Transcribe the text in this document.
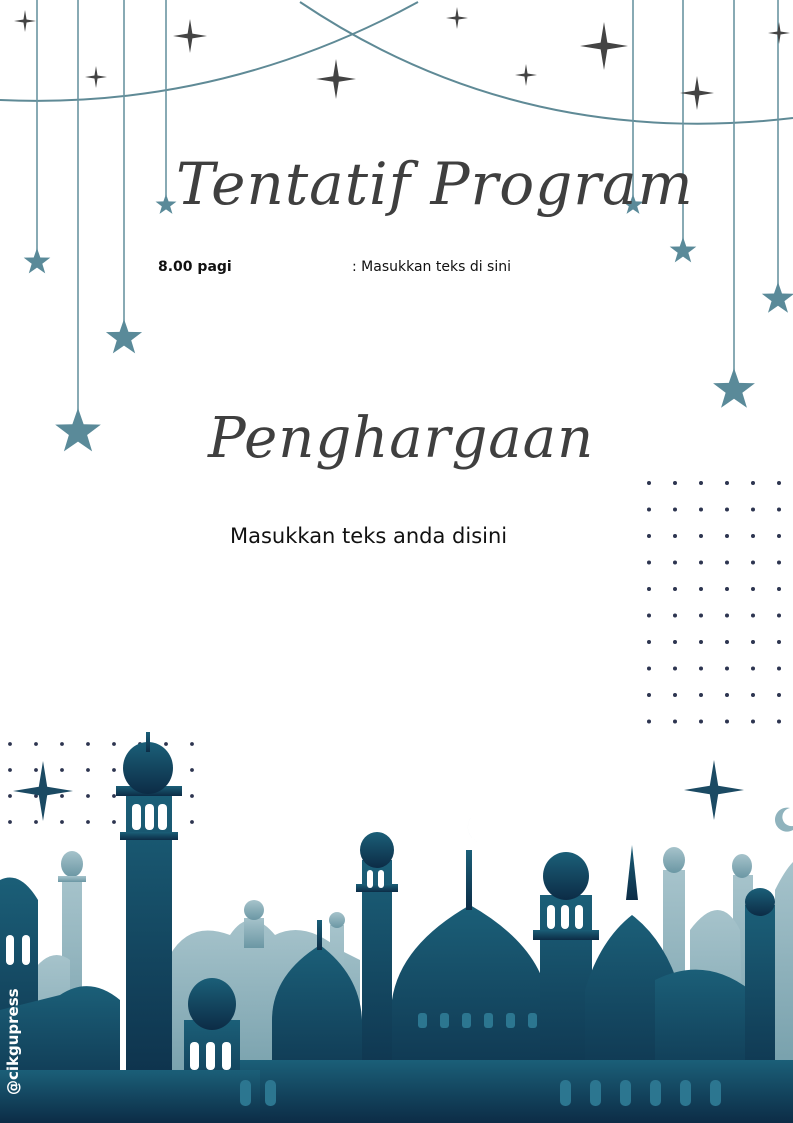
Tentatif Program
8.00 pagi	: Masukkan teks di sini
Penghargaan
Masukkan teks anda disini
@cikgupress
